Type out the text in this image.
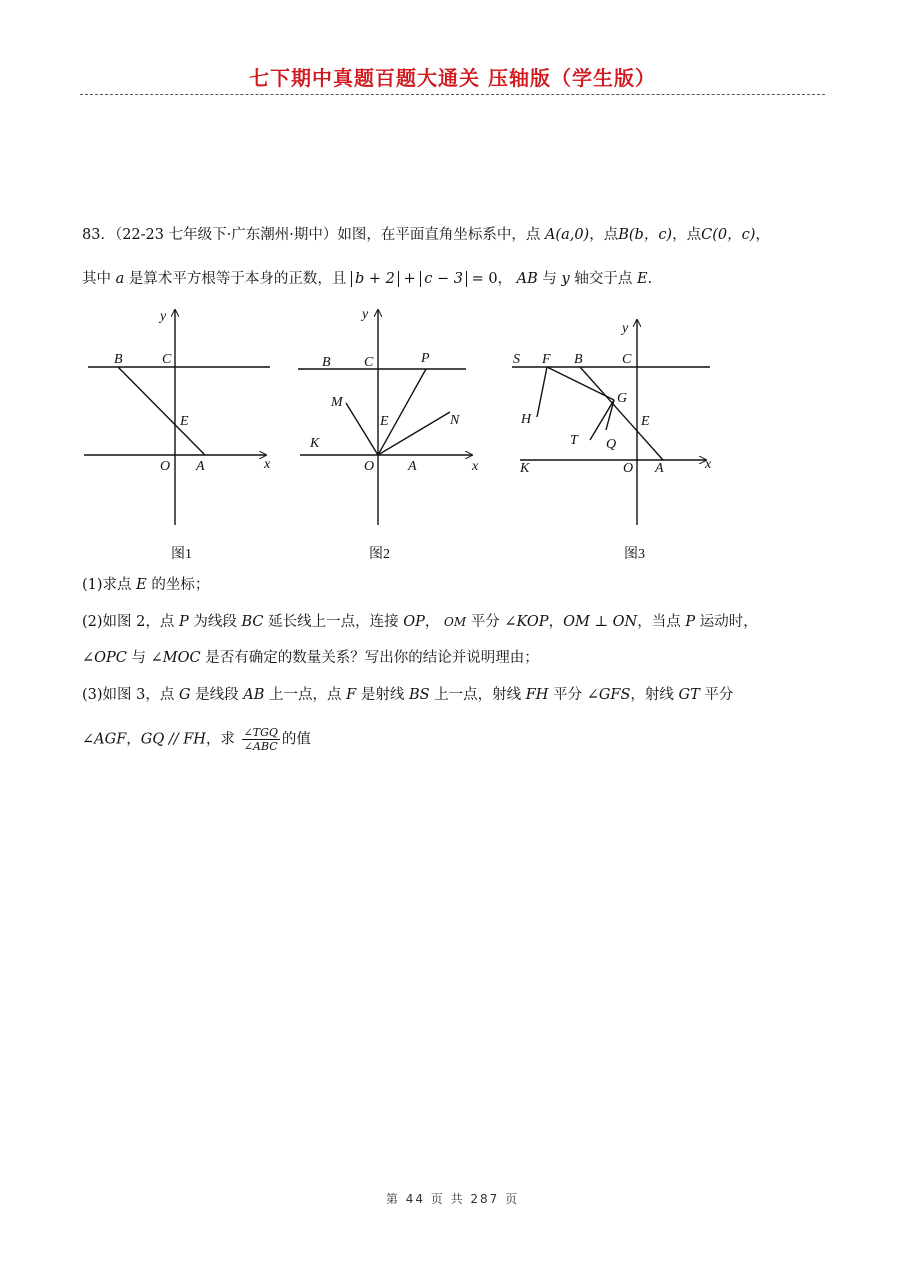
七下期中真题百题大通关 压轴版（学生版）
83．（22-23 七年级下·广东潮州·期中）如图，在平面直角坐标系中，点 A(a,0)，点B(b，c)，点C(0，c)，
其中 a 是算术平方根等于本身的正数，且 b + 2 + c − 3 = 0， AB 与 y 轴交于点 E.
y
x
B	C
E
O A
图1
y
x
B C	P
M
E	N
K
O A
图2
y
x
S F B	C
G
H	E
T Q
K	O A
图3
(1)求点 E 的坐标；
(2)如图 2，点 P 为线段 BC 延长线上一点，连接 OP， OM 平分 ∠KOP，OM ⊥ ON，当点 P 运动时，
∠OPC 与 ∠MOC 是否有确定的数量关系？写出你的结论并说明理由；
(3)如图 3，点 G 是线段 AB 上一点，点 F 是射线 BS 上一点，射线 FH 平分 ∠GFS，射线 GT 平分
∠AGF，GQ // FH，求 $\frac{\text{∠TGQ}}{\text{∠ABC}}$ 的值
第 44 页 共 287 页
